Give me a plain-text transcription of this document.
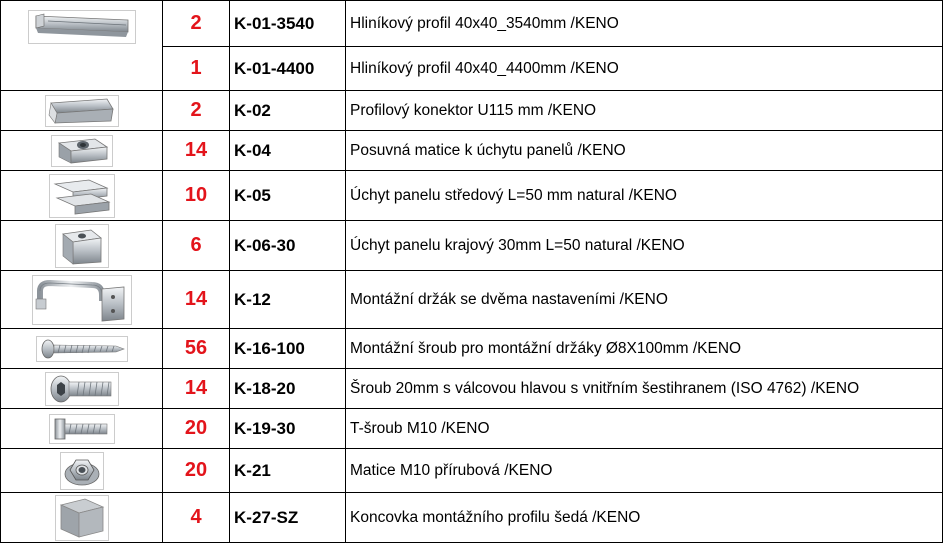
	2	K-01-3540	Hliníkový profil 40x40_3540mm /KENO
	1	K-01-4400	Hliníkový profil 40x40_4400mm /KENO

	2	K-02	Profilový konektor U115 mm /KENO

	14	K-04	Posuvná matice k úchytu panelů /KENO

	10	K-05	Úchyt panelu středový L=50 mm natural /KENO

	6	K-06-30	Úchyt panelu krajový 30mm L=50 natural /KENO

	14	K-12	Montážní držák se dvěma nastaveními /KENO

	56	K-16-100	Montážní šroub pro montážní držáky Ø8X100mm /KENO

	14	K-18-20	Šroub 20mm s válcovou hlavou s vnitřním šestihranem (ISO 4762) /KENO

	20	K-19-30	T-šroub M10 /KENO

	20	K-21	Matice M10 přírubová /KENO

	4	K-27-SZ	Koncovka montážního profilu šedá /KENO
